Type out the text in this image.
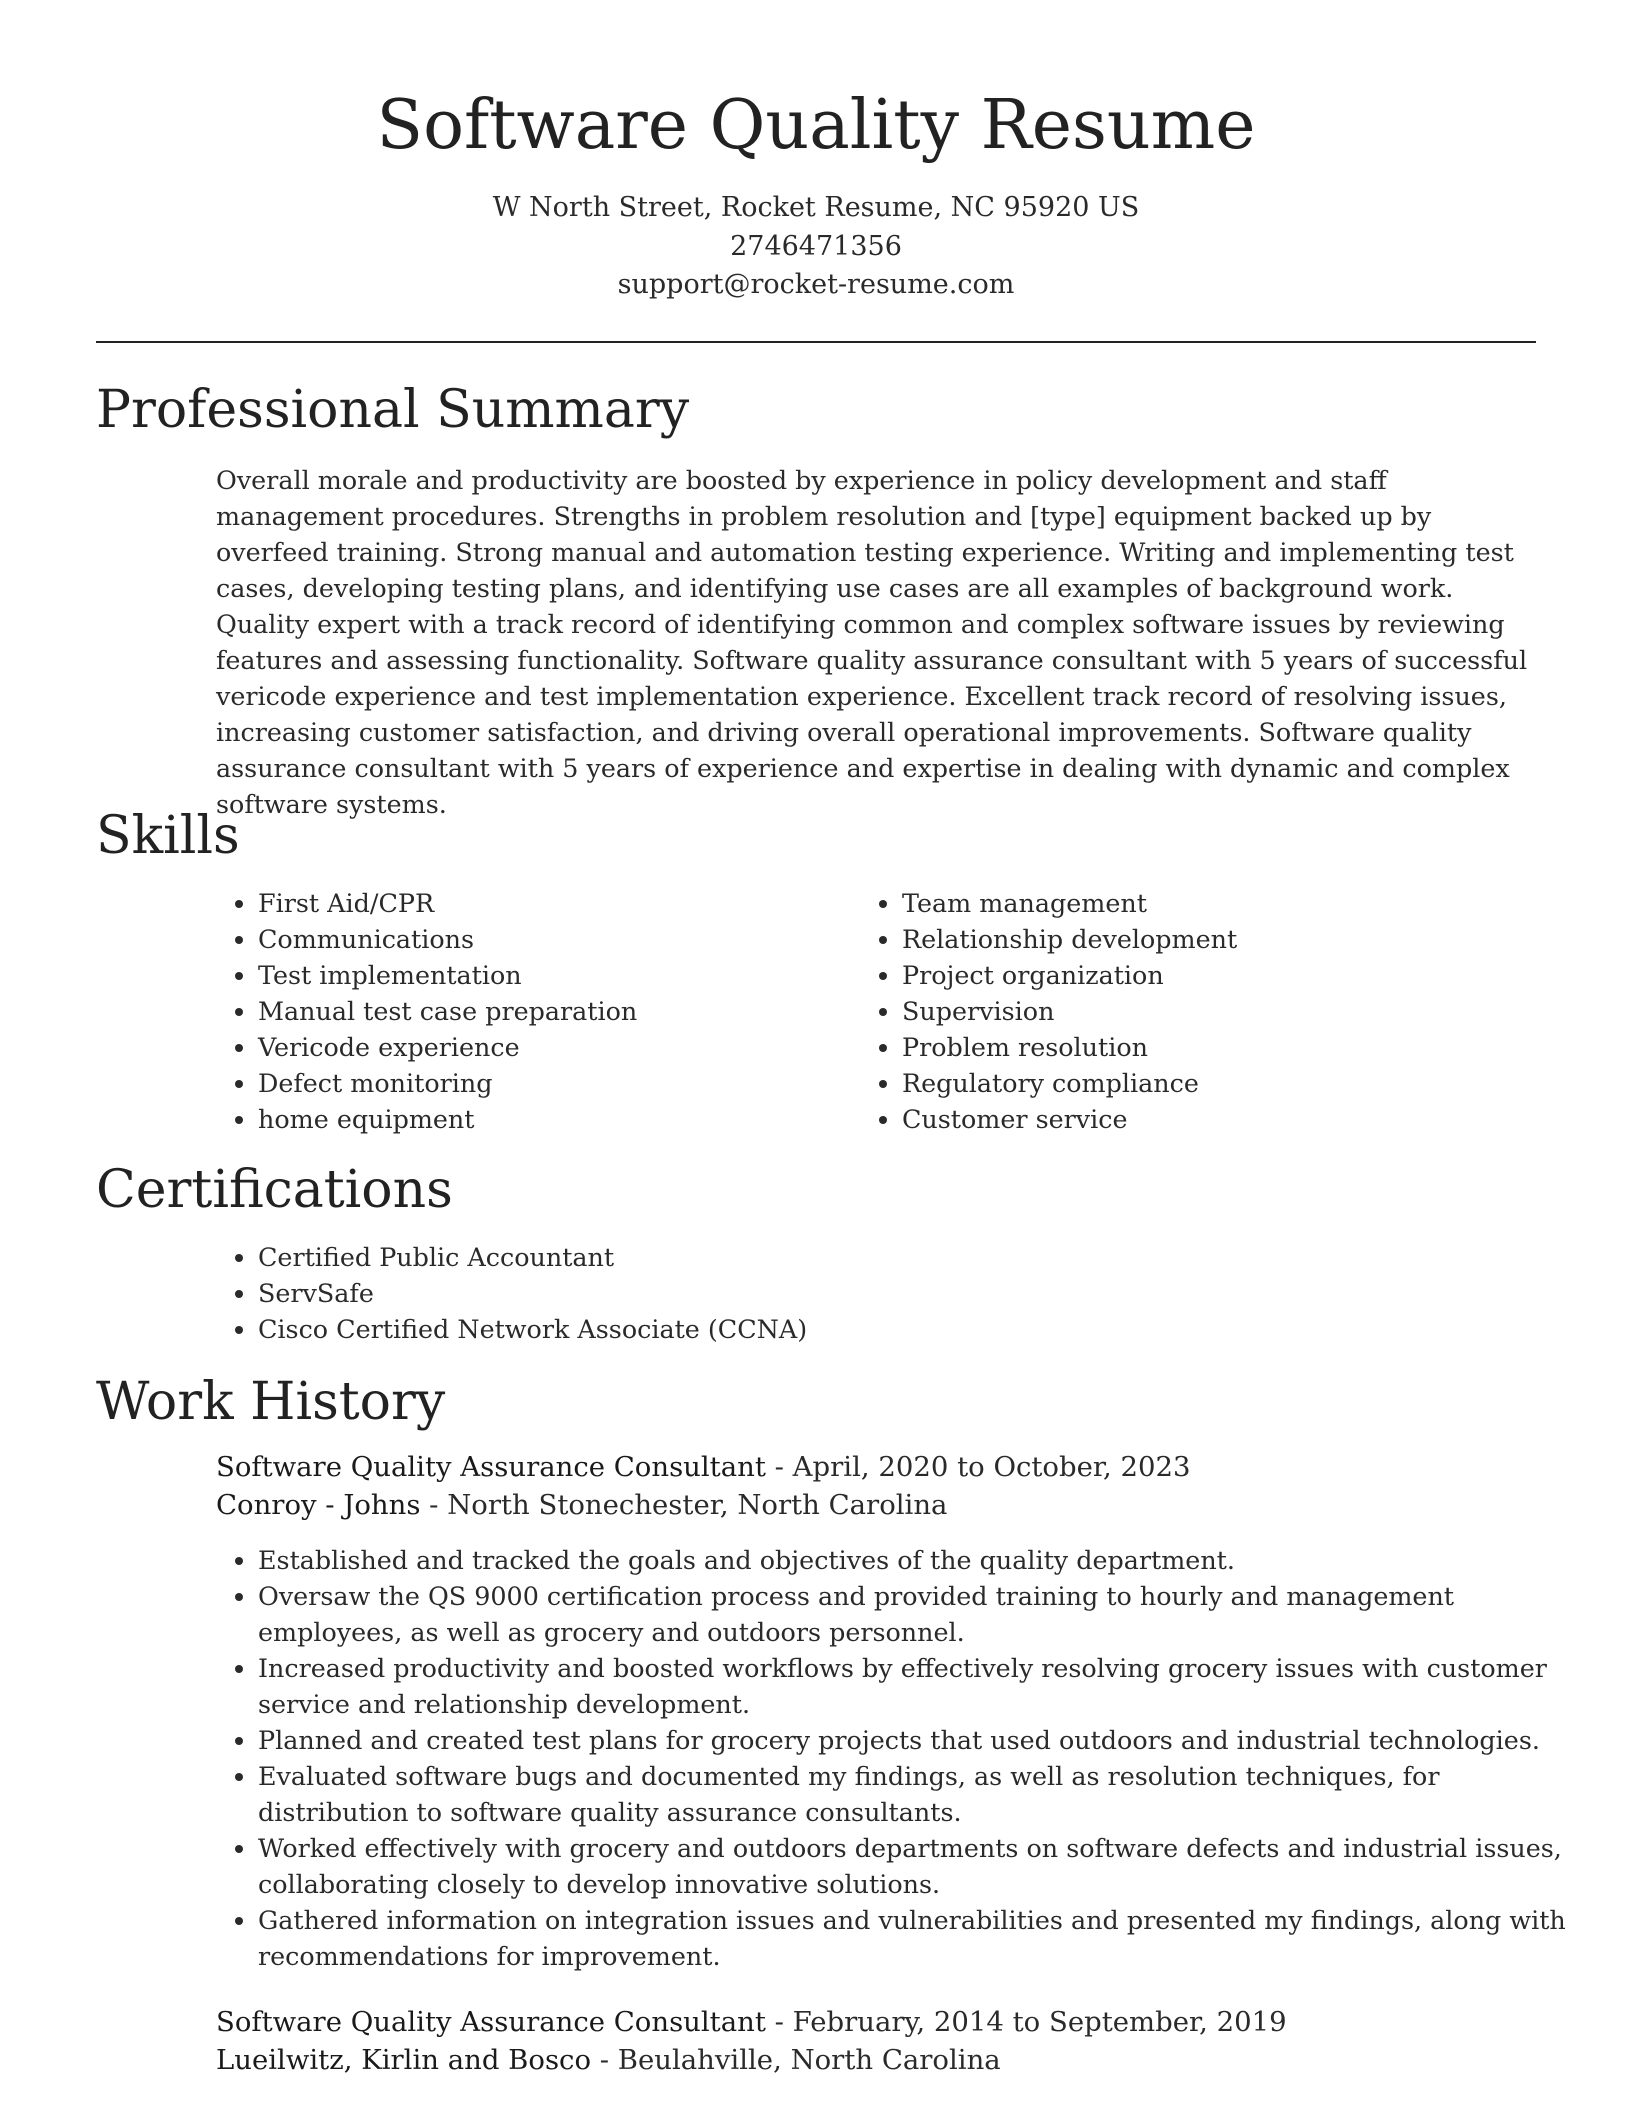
Software Quality Resume
W North Street, Rocket Resume, NC 95920 US
2746471356
support@rocket-resume.com
Professional Summary

Overall morale and productivity are boosted by experience in policy development and staff management procedures. Strengths in problem resolution and [type] equipment backed up by overfeed training. Strong manual and automation testing experience. Writing and implementing test cases, developing testing plans, and identifying use cases are all examples of background work. Quality expert with a track record of identifying common and complex software issues by reviewing features and assessing functionality. Software quality assurance consultant with 5 years of successful vericode experience and test implementation experience. Excellent track record of resolving issues, increasing customer satisfaction, and driving overall operational improvements. Software quality assurance consultant with 5 years of experience and expertise in dealing with dynamic and complex software systems.

Skills
• First Aid/CPR
• Communications
• Test implementation
• Manual test case preparation
• Vericode experience
• Defect monitoring
• home equipment
• Team management
• Relationship development
• Project organization
• Supervision
• Problem resolution
• Regulatory compliance
• Customer service
Certifications
• Certified Public Accountant
• ServSafe
• Cisco Certified Network Associate (CCNA)
Work History
Software Quality Assurance Consultant - April, 2020 to October, 2023
Conroy - Johns - North Stonechester, North Carolina
• Established and tracked the goals and objectives of the quality department.
• Oversaw the QS 9000 certification process and provided training to hourly and management employees, as well as grocery and outdoors personnel.
• Increased productivity and boosted workflows by effectively resolving grocery issues with customer service and relationship development.
• Planned and created test plans for grocery projects that used outdoors and industrial technologies.
• Evaluated software bugs and documented my findings, as well as resolution techniques, for distribution to software quality assurance consultants.
• Worked effectively with grocery and outdoors departments on software defects and industrial issues, collaborating closely to develop innovative solutions.
• Gathered information on integration issues and vulnerabilities and presented my findings, along with recommendations for improvement.
Software Quality Assurance Consultant - February, 2014 to September, 2019
Lueilwitz, Kirlin and Bosco - Beulahville, North Carolina
